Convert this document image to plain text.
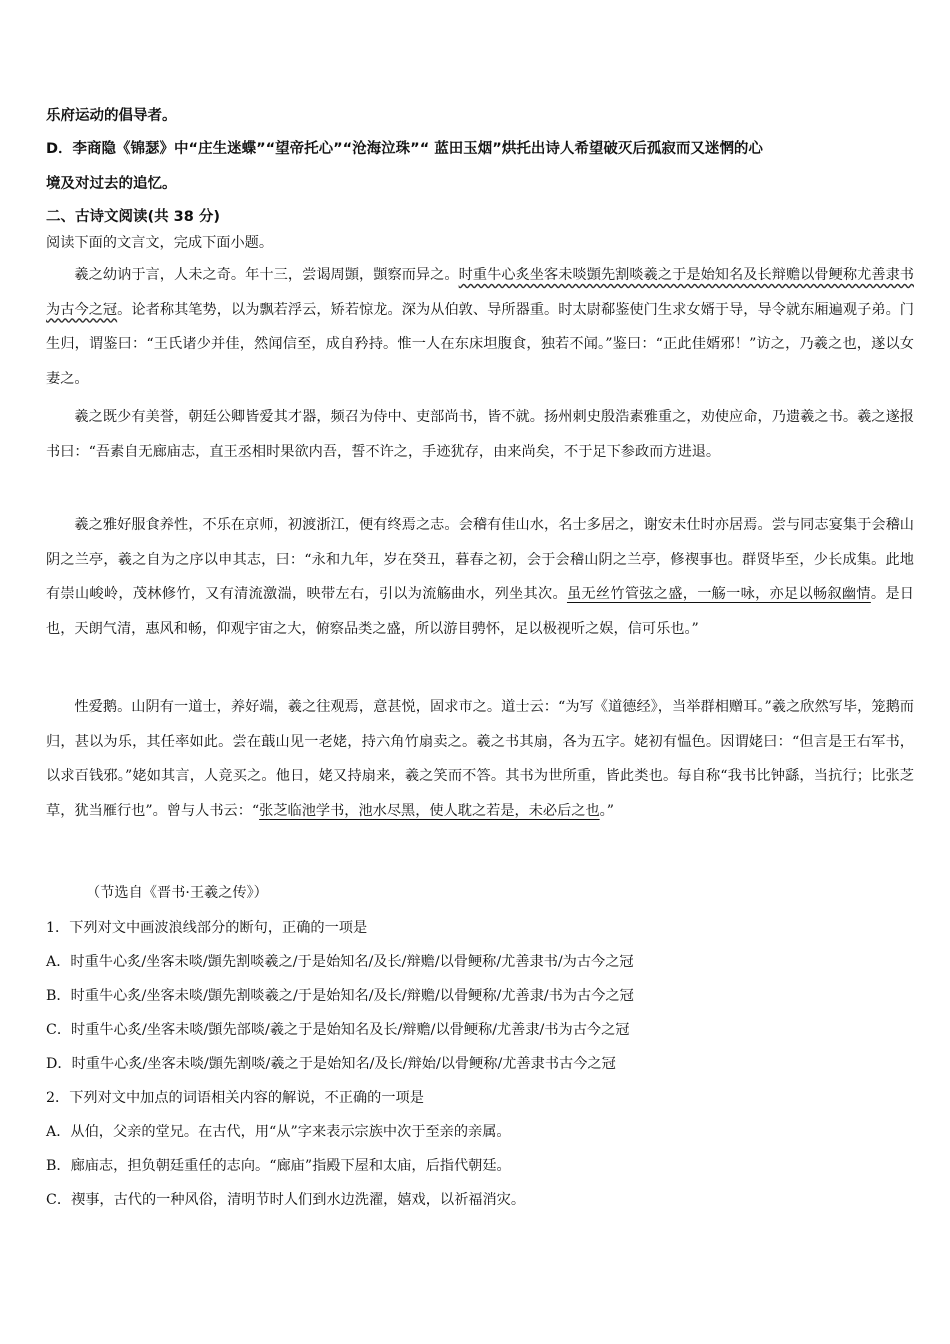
乐府运动的倡导者。
D．李商隐《锦瑟》中“庄生迷蝶”“望帝托心”“沧海泣珠”“ 蓝田玉烟”烘托出诗人希望破灭后孤寂而又迷惘的心
境及对过去的追忆。
二、古诗文阅读(共 38 分)
阅读下面的文言文，完成下面小题。
羲之幼讷于言，人未之奇。年十三，尝谒周顗，顗察而异之。时重牛心炙坐客未啖顗先割啖羲之于是始知名及长辩赡以骨鲠称尤善隶书为古今之冠。论者称其笔势，以为飘若浮云，矫若惊龙。深为从伯敦、导所器重。时太尉郗鉴使门生求女婿于导，导令就东厢遍观子弟。门生归，谓鉴曰：“王氏诸少并佳，然闻信至，成自矜持。惟一人在东床坦腹食，独若不闻。”鉴曰：“正此佳婿邪！”访之，乃羲之也，遂以女妻之。
羲之既少有美誉，朝廷公卿皆爱其才器，频召为侍中、吏部尚书，皆不就。扬州刺史殷浩素雅重之，劝使应命，乃遗羲之书。羲之遂报书曰：“吾素自无廊庙志，直王丞相时果欲内吾，誓不许之，手迹犹存，由来尚矣，不于足下参政而方进退。
羲之雅好服食养性，不乐在京师，初渡浙江，便有终焉之志。会稽有佳山水，名士多居之，谢安未仕时亦居焉。尝与同志宴集于会稽山阴之兰亭，羲之自为之序以申其志，曰：“永和九年，岁在癸丑，暮春之初，会于会稽山阴之兰亭，修禊事也。群贤毕至，少长成集。此地有崇山峻岭，茂林修竹，又有清流激湍，映带左右，引以为流觞曲水，列坐其次。虽无丝竹管弦之盛，一觞一咏，亦足以畅叙幽情。是日也，天朗气清，惠风和畅，仰观宇宙之大，俯察品类之盛，所以游目骋怀，足以极视听之娱，信可乐也。”
性爱鹅。山阴有一道士，养好端，羲之往观焉，意甚悦，固求市之。道士云：“为写《道德经》，当举群相赠耳。”羲之欣然写毕，笼鹅而归，甚以为乐，其任率如此。尝在蕺山见一老姥，持六角竹扇卖之。羲之书其扇，各为五字。姥初有愠色。因谓姥曰：“但言是王右军书，以求百钱邪。”姥如其言，人竞买之。他日，姥又持扇来，羲之笑而不答。其书为世所重，皆此类也。每自称“我书比钟繇，当抗行；比张芝草，犹当雁行也”。曾与人书云：“张芝临池学书，池水尽黑，使人耽之若是，未必后之也。”
（节选自《晋书·王羲之传》）
1．下列对文中画波浪线部分的断句，正确的一项是
A．时重牛心炙/坐客未啖/顗先割啖羲之/于是始知名/及长/辩赡/以骨鲠称/尤善隶书/为古今之冠
B．时重牛心炙/坐客未啖/顗先割啖羲之/于是始知名/及长/辩赡/以骨鲠称/尤善隶/书为古今之冠
C．时重牛心炙/坐客未啖/顗先部啖/羲之于是始知名及长/辩赡/以骨鲠称/尤善隶/书为古今之冠
D．时重牛心炙/坐客未啖/顗先割啖/羲之于是始知名/及长/辩始/以骨鲠称/尤善隶书古今之冠
2．下列对文中加点的词语相关内容的解说，不正确的一项是
A．从伯，父亲的堂兄。在古代，用“从”字来表示宗族中次于至亲的亲属。
B．廊庙志，担负朝廷重任的志向。“廊庙”指殿下屋和太庙，后指代朝廷。
C．禊事，古代的一种风俗，清明节时人们到水边洗濯，嬉戏，以祈福消灾。
